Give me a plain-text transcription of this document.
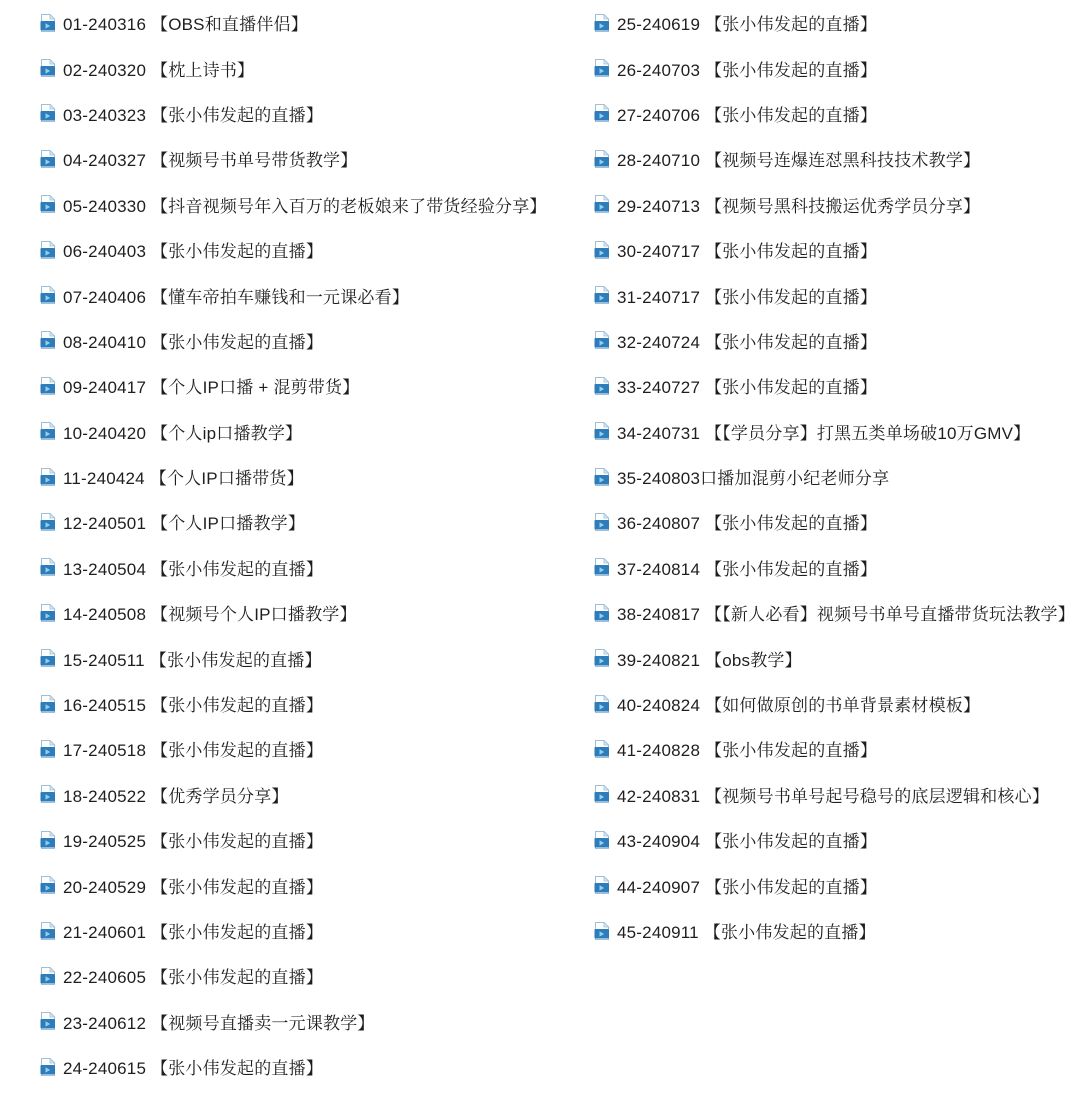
01-240316 【OBS和直播伴侣】
02-240320 【枕上诗书】
03-240323 【张小伟发起的直播】
04-240327 【视频号书单号带货教学】
05-240330 【抖音视频号年入百万的老板娘来了带货经验分享】
06-240403 【张小伟发起的直播】
07-240406 【懂车帝拍车赚钱和一元课必看】
08-240410 【张小伟发起的直播】
09-240417 【个人IP口播 + 混剪带货】
10-240420 【个人ip口播教学】
11-240424 【个人IP口播带货】
12-240501 【个人IP口播教学】
13-240504 【张小伟发起的直播】
14-240508 【视频号个人IP口播教学】
15-240511 【张小伟发起的直播】
16-240515 【张小伟发起的直播】
17-240518 【张小伟发起的直播】
18-240522 【优秀学员分享】
19-240525 【张小伟发起的直播】
20-240529 【张小伟发起的直播】
21-240601 【张小伟发起的直播】
22-240605 【张小伟发起的直播】
23-240612 【视频号直播卖一元课教学】
24-240615 【张小伟发起的直播】
25-240619 【张小伟发起的直播】
26-240703 【张小伟发起的直播】
27-240706 【张小伟发起的直播】
28-240710 【视频号连爆连怼黑科技技术教学】
29-240713 【视频号黑科技搬运优秀学员分享】
30-240717 【张小伟发起的直播】
31-240717 【张小伟发起的直播】
32-240724 【张小伟发起的直播】
33-240727 【张小伟发起的直播】
34-240731 【【学员分享】打黑五类单场破10万GMV】
35-240803口播加混剪小纪老师分享
36-240807 【张小伟发起的直播】
37-240814 【张小伟发起的直播】
38-240817 【【新人必看】视频号书单号直播带货玩法教学】
39-240821 【obs教学】
40-240824 【如何做原创的书单背景素材模板】
41-240828 【张小伟发起的直播】
42-240831 【视频号书单号起号稳号的底层逻辑和核心】
43-240904 【张小伟发起的直播】
44-240907 【张小伟发起的直播】
45-240911 【张小伟发起的直播】
